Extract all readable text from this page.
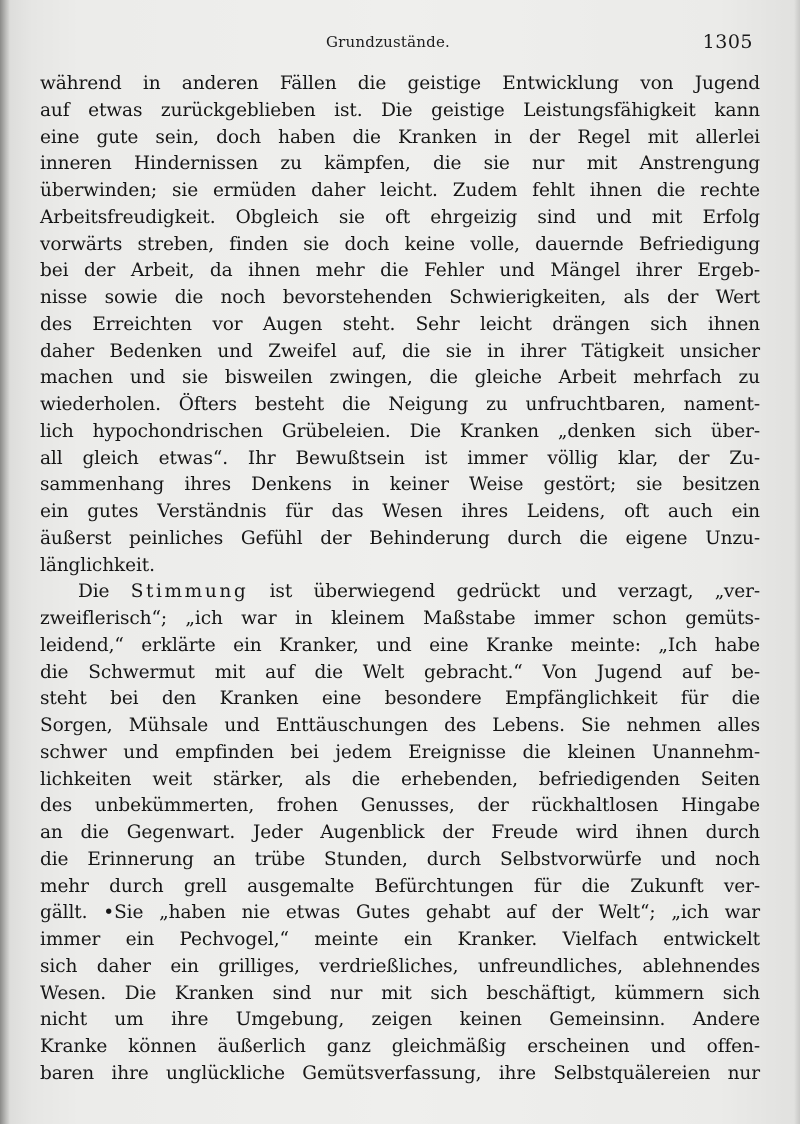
Grundzustände.	1305
während in anderen Fällen die geistige Entwicklung von Jugend
auf etwas zurückgeblieben ist. Die geistige Leistungsfähigkeit kann
eine gute sein, doch haben die Kranken in der Regel mit allerlei
inneren Hindernissen zu kämpfen, die sie nur mit Anstrengung
überwinden; sie ermüden daher leicht. Zudem fehlt ihnen die rechte
Arbeitsfreudigkeit. Obgleich sie oft ehrgeizig sind und mit Erfolg
vorwärts streben, finden sie doch keine volle, dauernde Befriedigung
bei der Arbeit, da ihnen mehr die Fehler und Mängel ihrer Ergeb-
nisse sowie die noch bevorstehenden Schwierigkeiten, als der Wert
des Erreichten vor Augen steht. Sehr leicht drängen sich ihnen
daher Bedenken und Zweifel auf, die sie in ihrer Tätigkeit unsicher
machen und sie bisweilen zwingen, die gleiche Arbeit mehrfach zu
wiederholen. Öfters besteht die Neigung zu unfruchtbaren, nament-
lich hypochondrischen Grübeleien. Die Kranken „denken sich über-
all gleich etwas“. Ihr Bewußtsein ist immer völlig klar, der Zu-
sammenhang ihres Denkens in keiner Weise gestört; sie besitzen
ein gutes Verständnis für das Wesen ihres Leidens, oft auch ein
äußerst peinliches Gefühl der Behinderung durch die eigene Unzu-
länglichkeit.
Die Stimmung ist überwiegend gedrückt und verzagt, „ver-
zweiflerisch“; „ich war in kleinem Maßstabe immer schon gemüts-
leidend,“ erklärte ein Kranker, und eine Kranke meinte: „Ich habe
die Schwermut mit auf die Welt gebracht.“ Von Jugend auf be-
steht bei den Kranken eine besondere Empfänglichkeit für die
Sorgen, Mühsale und Enttäuschungen des Lebens. Sie nehmen alles
schwer und empfinden bei jedem Ereignisse die kleinen Unannehm-
lichkeiten weit stärker, als die erhebenden, befriedigenden Seiten
des unbekümmerten, frohen Genusses, der rückhaltlosen Hingabe
an die Gegenwart. Jeder Augenblick der Freude wird ihnen durch
die Erinnerung an trübe Stunden, durch Selbstvorwürfe und noch
mehr durch grell ausgemalte Befürchtungen für die Zukunft ver-
gällt. •Sie „haben nie etwas Gutes gehabt auf der Welt“; „ich war
immer ein Pechvogel,“ meinte ein Kranker. Vielfach entwickelt
sich daher ein grilliges, verdrießliches, unfreundliches, ablehnendes
Wesen. Die Kranken sind nur mit sich beschäftigt, kümmern sich
nicht um ihre Umgebung, zeigen keinen Gemeinsinn. Andere
Kranke können äußerlich ganz gleichmäßig erscheinen und offen-
baren ihre unglückliche Gemütsverfassung, ihre Selbstquälereien nur
